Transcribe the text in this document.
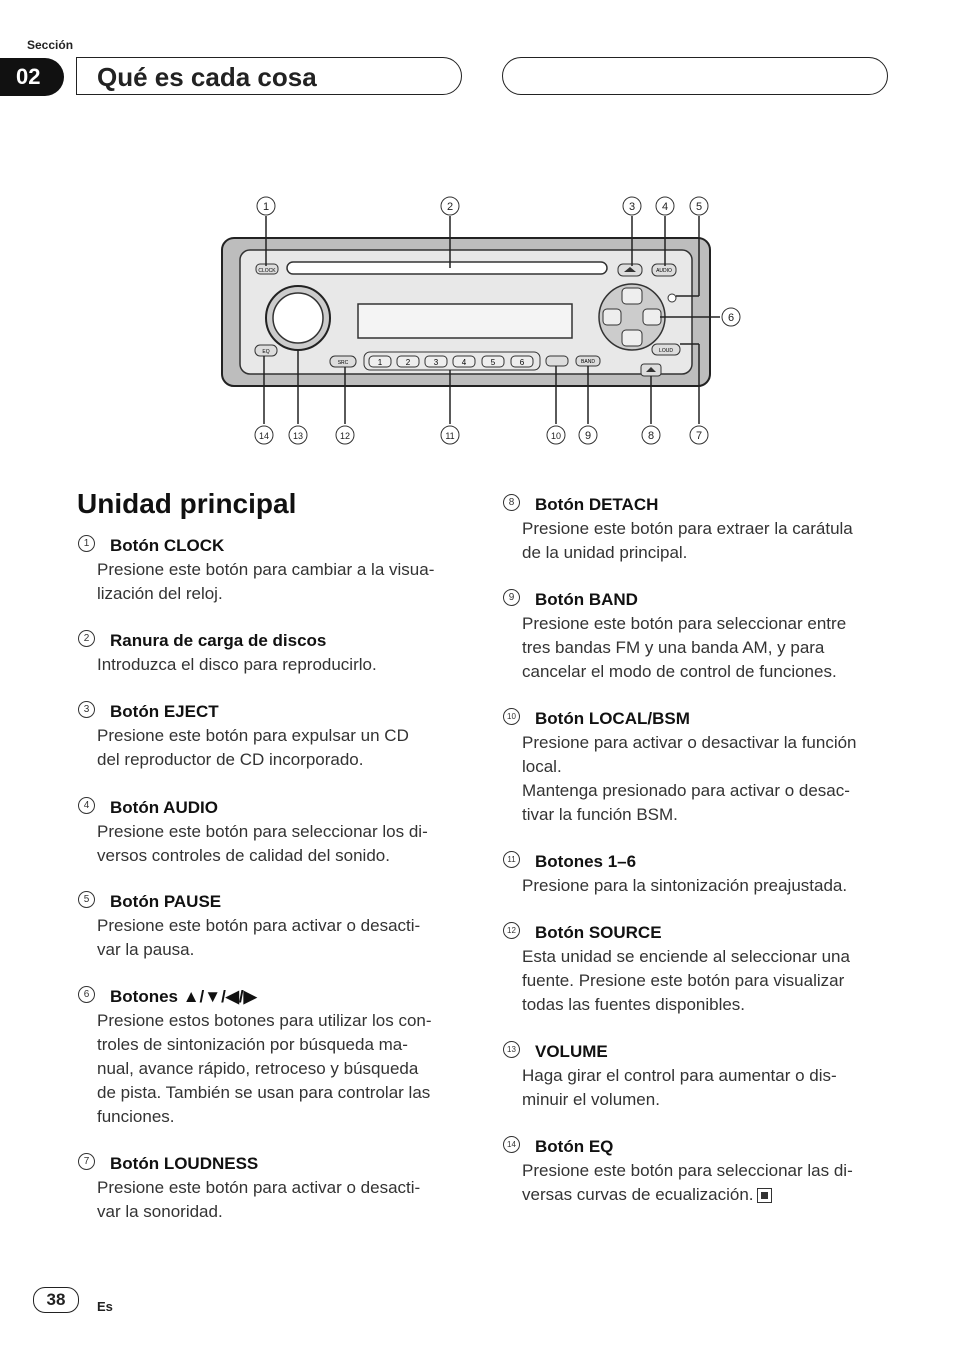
Sección
02	Qué es cada cosa
CLOCK	AUDIO
EQ
SRC	1	2	3	4	5	6	BAND
LOUD
1	2	3 4	5
6
14	13	12	11	10 9	8	7
Unidad principal
1	Botón CLOCK
Presione este botón para cambiar a la visua-
lización del reloj.
2	Ranura de carga de discos
Introduzca el disco para reproducirlo.
3	Botón EJECT
Presione este botón para expulsar un CD
del reproductor de CD incorporado.
4	Botón AUDIO
Presione este botón para seleccionar los di-
versos controles de calidad del sonido.
5	Botón PAUSE
Presione este botón para activar o desacti-
var la pausa.
6	Botones ▲/▼/◀/▶
Presione estos botones para utilizar los con-
troles de sintonización por búsqueda ma-
nual, avance rápido, retroceso y búsqueda
de pista. También se usan para controlar las
funciones.
7	Botón LOUDNESS
Presione este botón para activar o desacti-
var la sonoridad.
8	Botón DETACH
Presione este botón para extraer la carátula
de la unidad principal.
9	Botón BAND
Presione este botón para seleccionar entre
tres bandas FM y una banda AM, y para
cancelar el modo de control de funciones.
10 Botón LOCAL/BSM
Presione para activar o desactivar la función
local.
Mantenga presionado para activar o desac-
tivar la función BSM.
11 Botones 1–6
Presione para la sintonización preajustada.
12 Botón SOURCE
Esta unidad se enciende al seleccionar una
fuente. Presione este botón para visualizar
todas las fuentes disponibles.
13 VOLUME
Haga girar el control para aumentar o dis-
minuir el volumen.
14 Botón EQ
Presione este botón para seleccionar las di-
versas curvas de ecualización.
38	Es
